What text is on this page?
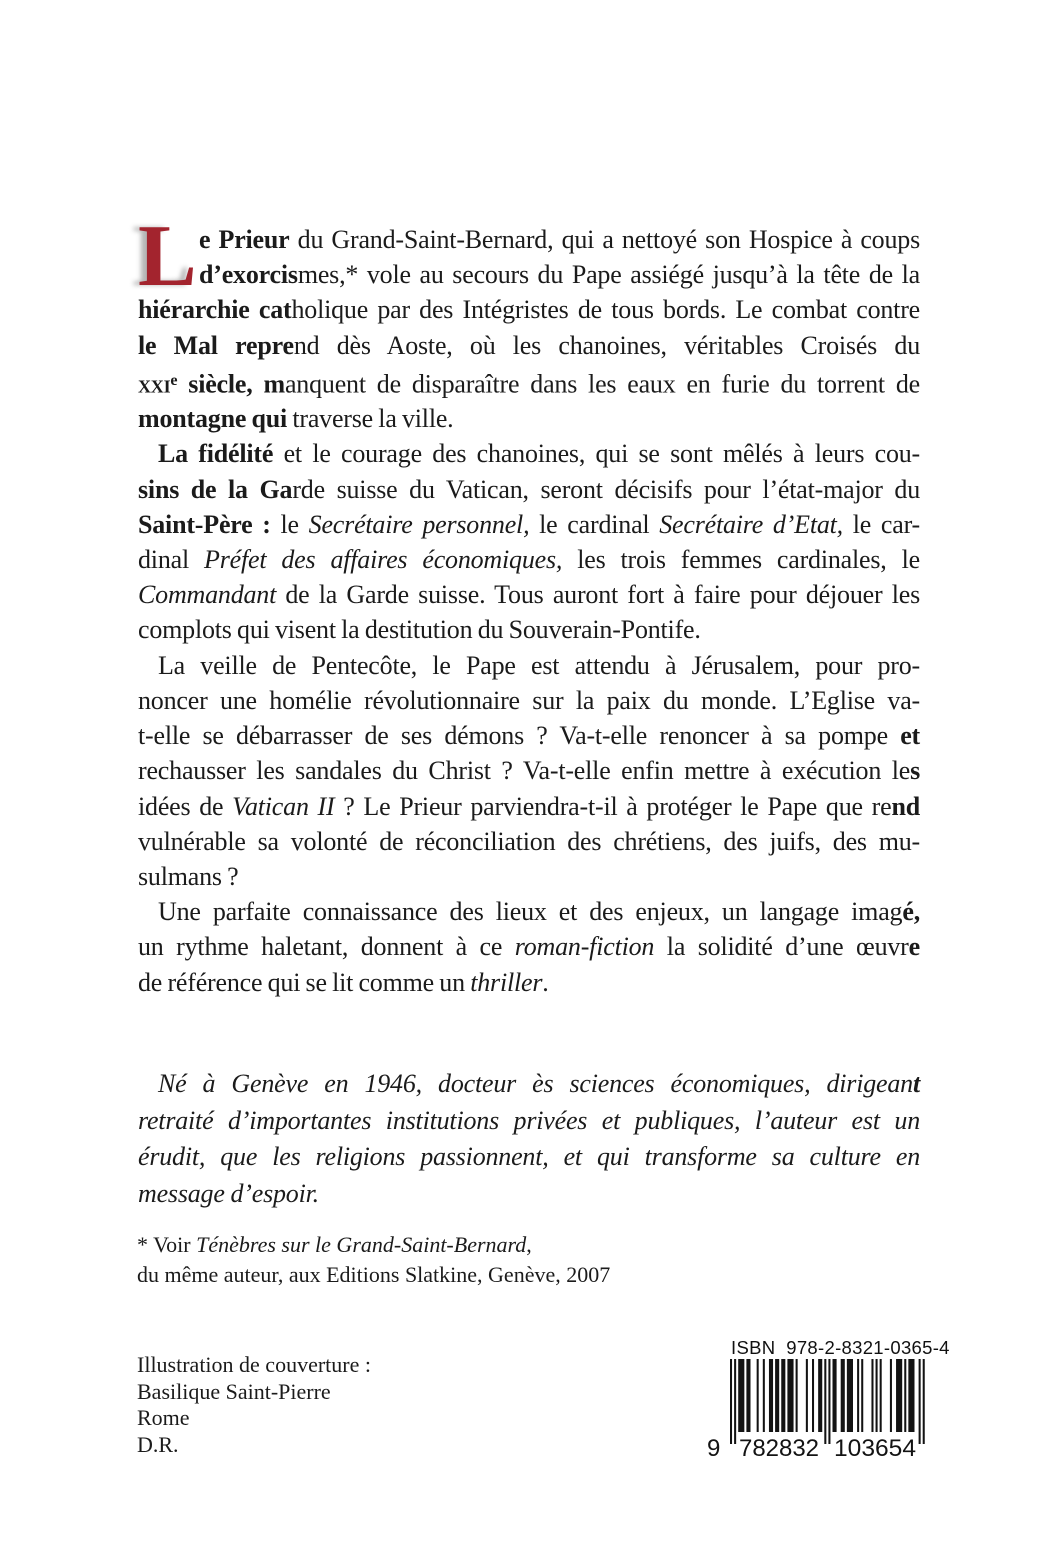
L e Prieur du Grand-Saint-Bernard, qui a nettoyé son Hospice à coups
d’exorcismes,* vole au secours du Pape assiégé jusqu’à la tête de la
hiérarchie catholique par des Intégristes de tous bords. Le combat contre
le Mal reprend dès Aoste, où les chanoines, véritables Croisés du
xxi$^e$ siècle, manquent de disparaître dans les eaux en furie du torrent de
montagne qui traverse la ville.
La fidélité et le courage des chanoines, qui se sont mêlés à leurs cou-
sins de la Garde suisse du Vatican, seront décisifs pour l’état-major du
Saint-Père : le Secrétaire personnel, le cardinal Secrétaire d’Etat, le car-
dinal Préfet des affaires économiques, les trois femmes cardinales, le
Commandant de la Garde suisse. Tous auront fort à faire pour déjouer les
complots qui visent la destitution du Souverain-Pontife.
La veille de Pentecôte, le Pape est attendu à Jérusalem, pour pro-
noncer une homélie révolutionnaire sur la paix du monde. L’Eglise va-
t-elle se débarrasser de ses démons ? Va-t-elle renoncer à sa pompe et
rechausser les sandales du Christ ? Va-t-elle enfin mettre à exécution les
idées de Vatican II ? Le Prieur parviendra-t-il à protéger le Pape que rend
vulnérable sa volonté de réconciliation des chrétiens, des juifs, des mu-
sulmans ?
Une parfaite connaissance des lieux et des enjeux, un langage imagé,
un rythme haletant, donnent à ce roman-fiction la solidité d’une œuvre
de référence qui se lit comme un thriller.
Né à Genève en 1946, docteur ès sciences économiques, dirigeant
retraité d’importantes institutions privées et publiques, l’auteur est un
érudit, que les religions passionnent, et qui transforme sa culture en
message d’espoir.
* Voir Ténèbres sur le Grand-Saint-Bernard,
du même auteur, aux Editions Slatkine, Genève, 2007
Illustration de couverture :
Basilique Saint-Pierre
Rome
D.R.
ISBN  978-2-8321-0365-4
9 782832 103654
